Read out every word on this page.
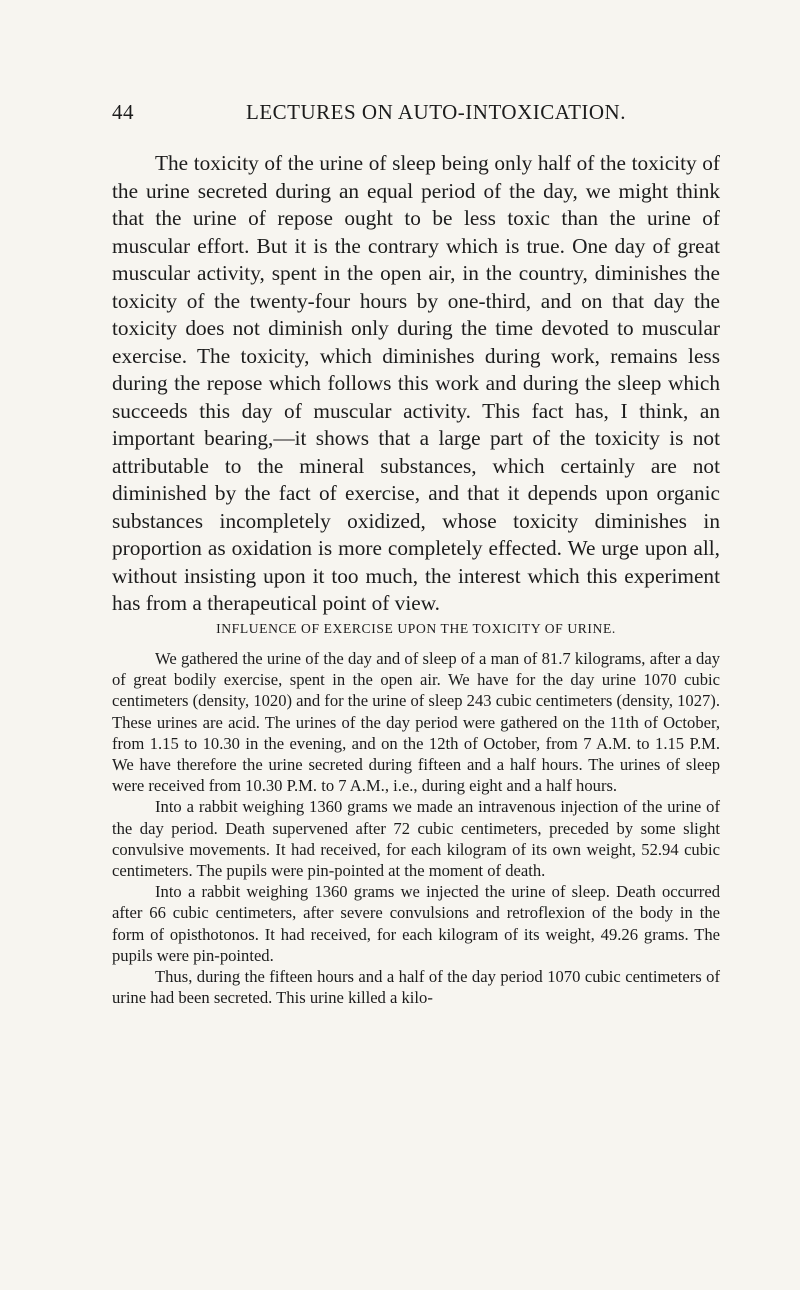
44	LECTURES ON AUTO-INTOXICATION.

The toxicity of the urine of sleep being only half of the toxicity of the urine secreted during an equal period of the day, we might think that the urine of repose ought to be less toxic than the urine of muscular effort. But it is the contrary which is true. One day of great muscular activity, spent in the open air, in the country, diminishes the toxicity of the twenty-four hours by one-third, and on that day the toxicity does not diminish only during the time devoted to muscular exercise. The toxicity, which diminishes during work, remains less during the repose which follows this work and during the sleep which succeeds this day of muscular activity. This fact has, I think, an important bearing,—it shows that a large part of the toxicity is not attributable to the mineral substances, which certainly are not diminished by the fact of exercise, and that it depends upon organic substances incompletely oxidized, whose toxicity diminishes in proportion as oxidation is more completely effected. We urge upon all, without insisting upon it too much, the interest which this experiment has from a therapeutical point of view.

INFLUENCE OF EXERCISE UPON THE TOXICITY OF URINE.

We gathered the urine of the day and of sleep of a man of 81.7 kilograms, after a day of great bodily exercise, spent in the open air. We have for the day urine 1070 cubic centimeters (density, 1020) and for the urine of sleep 243 cubic centimeters (density, 1027). These urines are acid. The urines of the day period were gathered on the 11th of October, from 1.15 to 10.30 in the evening, and on the 12th of October, from 7 A.M. to 1.15 P.M. We have therefore the urine secreted during fifteen and a half hours. The urines of sleep were received from 10.30 P.M. to 7 A.M., i.e., during eight and a half hours.

Into a rabbit weighing 1360 grams we made an intravenous injection of the urine of the day period. Death supervened after 72 cubic centimeters, preceded by some slight convulsive movements. It had received, for each kilogram of its own weight, 52.94 cubic centimeters. The pupils were pin-pointed at the moment of death.

Into a rabbit weighing 1360 grams we injected the urine of sleep. Death occurred after 66 cubic centimeters, after severe convulsions and retroflexion of the body in the form of opisthotonos. It had received, for each kilogram of its weight, 49.26 grams. The pupils were pin-pointed.

Thus, during the fifteen hours and a half of the day period 1070 cubic centimeters of urine had been secreted. This urine killed a kilo-
